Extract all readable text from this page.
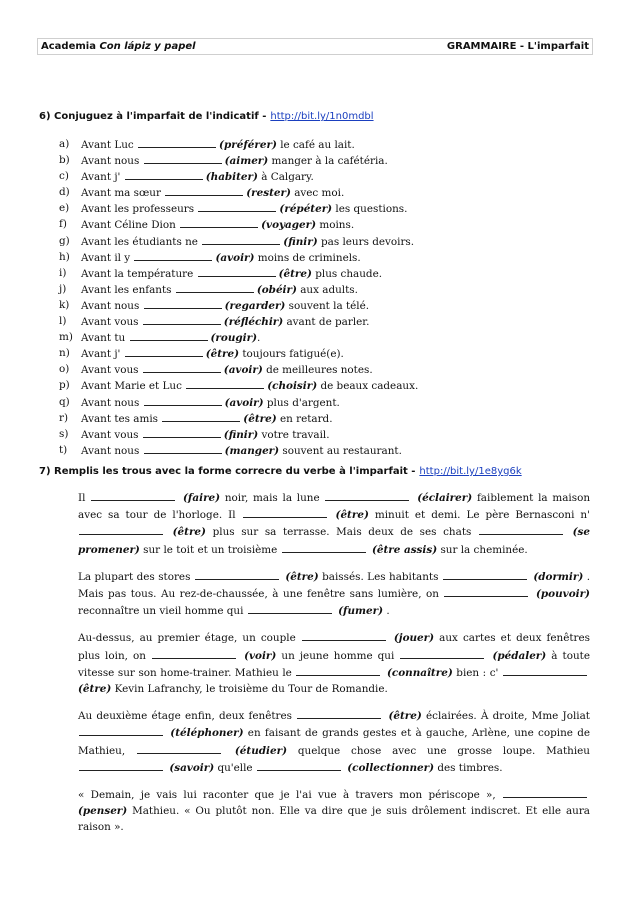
Academia Con lápiz y papel	GRAMMAIRE - L'imparfait
6) Conjuguez à l'imparfait de l'indicatif - http://bit.ly/1n0mdbl
a)	Avant Luc	(préférer) le café au lait.
b)	Avant nous	(aimer) manger à la cafétéria.
c)	Avant j'	(habiter) à Calgary.
d)	Avant ma sœur	(rester) avec moi.
e)	Avant les professeurs	(répéter) les questions.
f)	Avant Céline Dion	(voyager) moins.
g)	Avant les étudiants ne	(finir) pas leurs devoirs.
h)	Avant il y	(avoir) moins de criminels.
i)	Avant la température	(être) plus chaude.
j)	Avant les enfants	(obéir) aux adults.
k)	Avant nous	(regarder) souvent la télé.
l)	Avant vous	(réfléchir) avant de parler.
m) Avant tu	(rougir).
n)	Avant j'	(être) toujours fatigué(e).
o)	Avant vous	(avoir) de meilleures notes.
p)	Avant Marie et Luc	(choisir) de beaux cadeaux.
q)	Avant nous	(avoir) plus d'argent.
r)	Avant tes amis	(être) en retard.
s)	Avant vous	(finir) votre travail.
t)	Avant nous	(manger) souvent au restaurant.
7) Remplis les trous avec la forme correcre du verbe à l'imparfait - http://bit.ly/1e8yg6k

Il	(faire) noir, mais la lune	(éclairer) faiblement la maison avec sa tour de l'horloge. Il	(être) minuit et demi. Le père Bernasconi n'  (être) plus sur sa terrasse. Mais deux de ses chats	(se promener) sur le toit et un troisième	(être assis) sur la cheminée.

La plupart des stores	(être) baissés. Les habitants	(dormir) . Mais pas tous. Au rez-de-chaussée, à une fenêtre sans lumière, on	(pouvoir) reconnaître un vieil homme qui	(fumer) .

Au-dessus, au premier étage, un couple	(jouer) aux cartes et deux fenêtres plus loin, on	(voir) un jeune homme qui	(pédaler) à toute vitesse sur son home-trainer. Mathieu le	(connaître) bien : c'  (être) Kevin Lafranchy, le troisième du Tour de Romandie.

Au deuxième étage enfin, deux fenêtres	(être) éclairées. À droite, Mme Joliat  (téléphoner) en faisant de grands gestes et à gauche, Arlène, une copine de Mathieu,	(étudier) quelque chose avec une grosse loupe. Mathieu  (savoir) qu'elle	(collectionner) des timbres.

« Demain, je vais lui raconter que je l'ai vue à travers mon périscope »,  (penser) Mathieu. « Ou plutôt non. Elle va dire que je suis drôlement indiscret. Et elle aura raison ».
